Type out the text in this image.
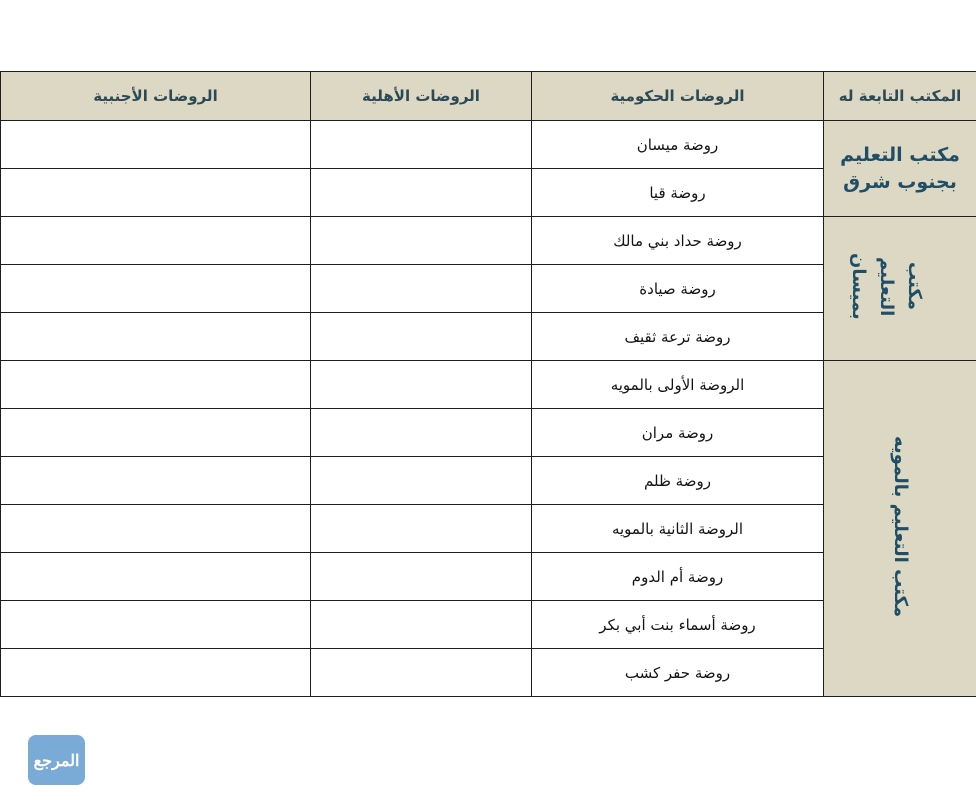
المكتب التابعة له	الروضات الحكومية	الروضات الأهلية	الروضات الأجنبية
مكتب التعليم بجنوب شرق	روضة ميسان		
	روضة قيا		
مكتب التعليم بميسان	روضة حداد بني مالك		
	روضة صيادة		
	روضة ترعة ثقيف		
مكتب التعليم بالمويه	الروضة الأولى بالمويه		
	روضة مران		
	روضة ظلم		
	الروضة الثانية بالمويه		
	روضة أم الدوم		
	روضة أسماء بنت أبي بكر		
	روضة حفر كشب		
المرجع
